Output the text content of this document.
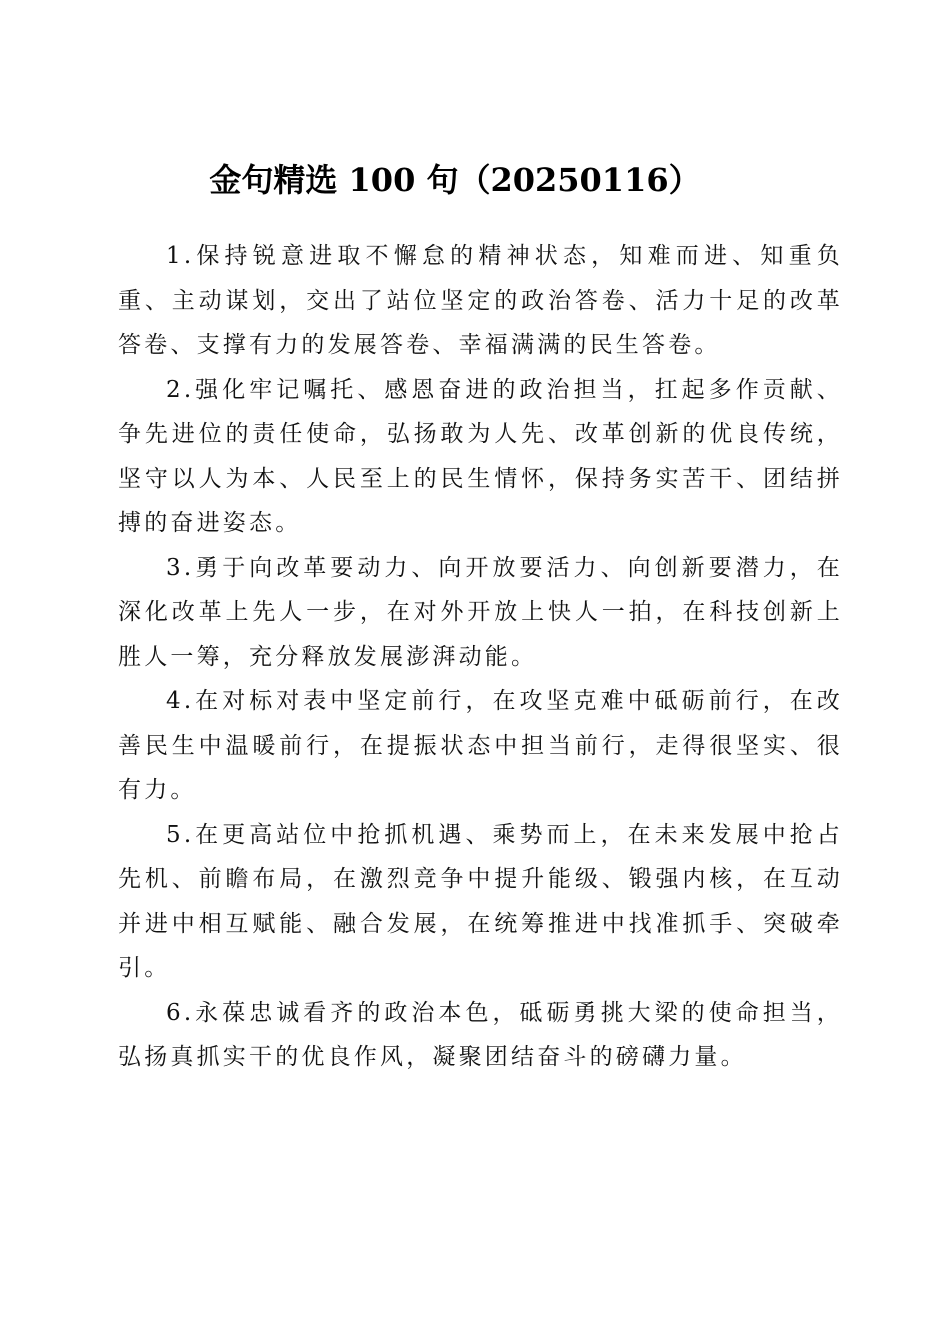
金句精选 100 句（20250116）

1.保持锐意进取不懈怠的精神状态，知难而进、知重负重、主动谋划，交出了站位坚定的政治答卷、活力十足的改革答卷、支撑有力的发展答卷、幸福满满的民生答卷。

2.强化牢记嘱托、感恩奋进的政治担当，扛起多作贡献、争先进位的责任使命，弘扬敢为人先、改革创新的优良传统，坚守以人为本、人民至上的民生情怀，保持务实苦干、团结拼搏的奋进姿态。

3.勇于向改革要动力、向开放要活力、向创新要潜力，在深化改革上先人一步，在对外开放上快人一拍，在科技创新上胜人一筹，充分释放发展澎湃动能。

4.在对标对表中坚定前行，在攻坚克难中砥砺前行，在改善民生中温暖前行，在提振状态中担当前行，走得很坚实、很有力。

5.在更高站位中抢抓机遇、乘势而上，在未来发展中抢占先机、前瞻布局，在激烈竞争中提升能级、锻强内核，在互动并进中相互赋能、融合发展，在统筹推进中找准抓手、突破牵引。

6.永葆忠诚看齐的政治本色，砥砺勇挑大梁的使命担当，弘扬真抓实干的优良作风，凝聚团结奋斗的磅礴力量。
